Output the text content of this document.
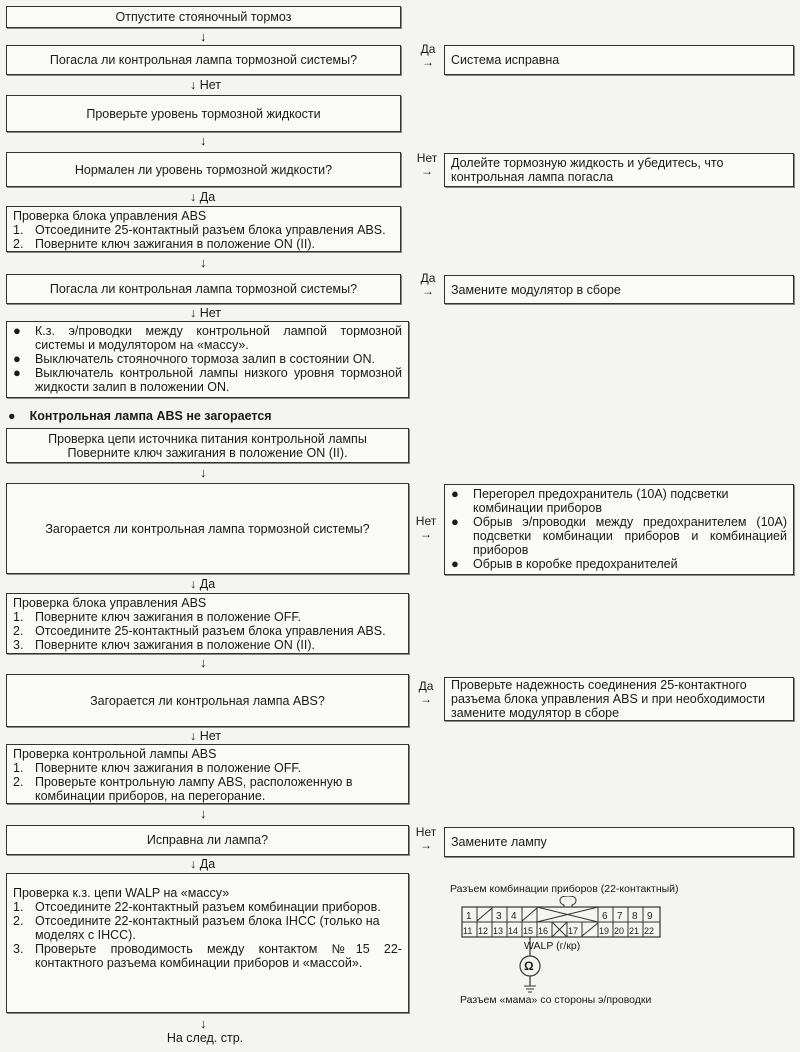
Отпустите стояночный тормоз
↓
Погасла ли контрольная лампа тормозной системы?
Да
→	Система исправна
↓ Нет
Проверьте уровень тормозной жидкости
↓
Нормален ли уровень тормозной жидкости?
Нет
→
Долейте тормозную жидкость и убедитесь, что контрольная лампа погасла
↓ Да
Проверка блока управления ABS
1. Отсоедините 25-контактный разъем блока управления ABS.
2. Поверните ключ зажигания в положение ON (II).
↓
Погасла ли контрольная лампа тормозной системы?
Да
→	Замените модулятор в сборе
↓ Нет
●	К.з. э/проводки между контрольной лампой тормозной системы и модулятором на «массу».
●	Выключатель стояночного тормоза залип в состоянии ON.
●	Выключатель контрольной лампы низкого уровня тормозной жидкости залип в положении ON.
● Контрольная лампа ABS не загорается
Проверка цепи источника питания контрольной лампы
Поверните ключ зажигания в положение ON (II).
↓
Загорается ли контрольная лампа тормозной системы?
Нет
→
●	Перегорел предохранитель (10А) подсветки комбинации приборов
●	Обрыв э/проводки между предохранителем (10А) подсветки комбинации приборов и комбинацией приборов
●	Обрыв в коробке предохранителей
↓ Да
Проверка блока управления ABS
1. Поверните ключ зажигания в положение OFF.
2. Отсоедините 25-контактный разъем блока управления ABS.
3. Поверните ключ зажигания в положение ON (II).
↓
Загорается ли контрольная лампа ABS?
Да
→
Проверьте надежность соединения 25-контактного разъема блока управления ABS и при необходимости замените модулятор в сборе
↓ Нет
Проверка контрольной лампы ABS
1. Поверните ключ зажигания в положение OFF.
2. Проверьте контрольную лампу ABS, расположенную в комбинации приборов, на перегорание.
↓
Исправна ли лампа?
Нет
→	Замените лампу
↓ Да
Проверка к.з. цепи WALP на «массу»
1. Отсоедините 22-контактный разъем комбинации приборов.
2. Отсоедините 22-контактный разъем блока IHCC (только на моделях с IHCC).
3. Проверьте проводимость между контактом №15 22-контактного разъема комбинации приборов и «массой».
↓
На след. стр.
Разъем комбинации приборов (22-контактный)
1 3 4	6 7 8 9
11 12 13 14 15 16 17 19 20 21 22
WALP (г/кр)
Ω
Разъем «мама» со стороны э/проводки
